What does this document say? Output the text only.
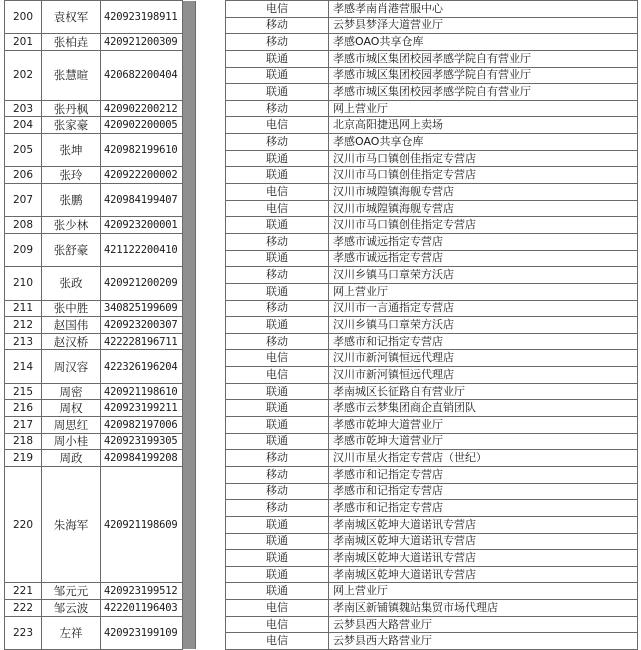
200	袁权军	420923198911			电信	孝感孝南肖港营服中心
					移动	云梦县梦泽大道营业厅
201	张柏垚	420921200309			移动	孝感OAO共享仓库
202	张慧暄	420682200404			联通	孝感市城区集团校园孝感学院自有营业厅
					联通	孝感市城区集团校园孝感学院自有营业厅
					联通	孝感市城区集团校园孝感学院自有营业厅
203	张丹枫	420902200212			移动	网上营业厅
204	张家豪	420902200005			电信	北京高阳捷迅网上卖场
205	张坤	420982199610			移动	孝感OAO共享仓库
					联通	汉川市马口镇创佳指定专营店
206	张玲	420922200002			联通	汉川市马口镇创佳指定专营店
207	张鹏	420984199407			电信	汉川市城隍镇海舰专营店
					电信	汉川市城隍镇海舰专营店
208	张少林	420923200001			联通	汉川市马口镇创佳指定专营店
209	张舒豪	421122200410			移动	孝感市诚远指定专营店
					联通	孝感市诚远指定专营店
210	张政	420921200209			移动	汉川乡镇马口章荣方沃店
					联通	网上营业厅
211	张中胜	340825199609			移动	汉川市一言通指定专营店
212	赵国伟	420923200307			联通	汉川乡镇马口章荣方沃店
213	赵汉桥	422228196711			移动	孝感市和记指定专营店
214	周汉容	422326196204			电信	汉川市新河镇恒远代理店
					电信	汉川市新河镇恒远代理店
215	周密	420921198610			联通	孝南城区长征路自有营业厅
216	周权	420923199211			联通	孝感市云梦集团商企直销团队
217	周思红	420982197006			联通	孝感市乾坤大道营业厅
218	周小桂	420923199305			联通	孝感市乾坤大道营业厅
219	周政	420984199208			移动	汉川市星火指定专营店（世纪）
220	朱海军	420921198609			移动	孝感市和记指定专营店
					移动	孝感市和记指定专营店
					移动	孝感市和记指定专营店
					联通	孝南城区乾坤大道诺讯专营店
					联通	孝南城区乾坤大道诺讯专营店
					联通	孝南城区乾坤大道诺讯专营店
					联通	孝南城区乾坤大道诺讯专营店
221	邹元元	420923199512			联通	网上营业厅
222	邹云波	422201196403			电信	孝南区新铺镇魏站集贸市场代理店
223	左祥	420923199109			电信	云梦县西大路营业厅
					电信	云梦县西大路营业厅
